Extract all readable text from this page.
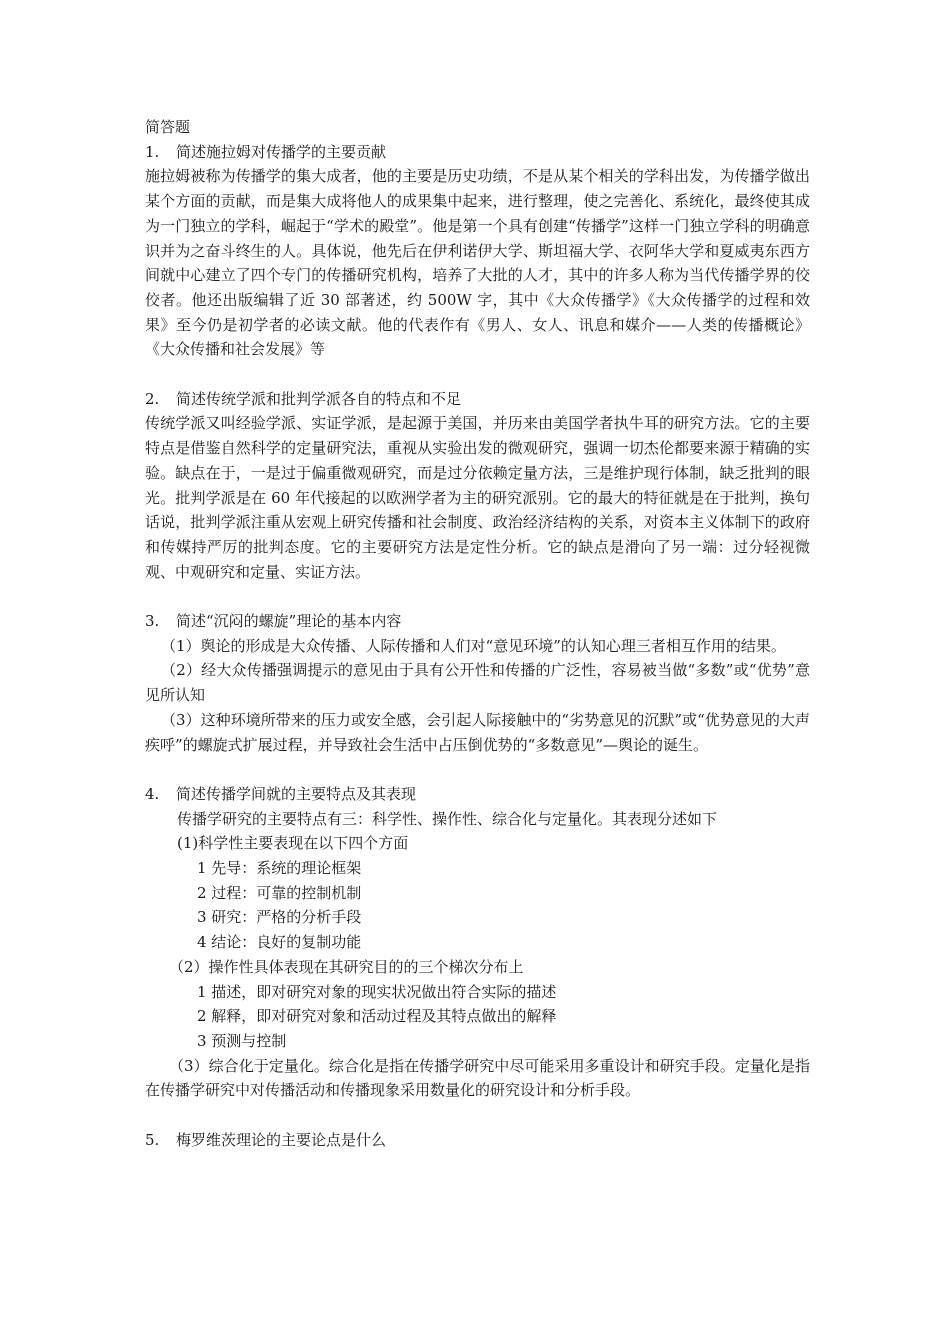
简答题
1. 简述施拉姆对传播学的主要贡献

施拉姆被称为传播学的集大成者，他的主要是历史功绩，不是从某个相关的学科出发，为传播学做出某个方面的贡献，而是集大成将他人的成果集中起来，进行整理，使之完善化、系统化，最终使其成为一门独立的学科，崛起于“学术的殿堂”。他是第一个具有创建“传播学”这样一门独立学科的明确意识并为之奋斗终生的人。具体说，他先后在伊利诺伊大学、斯坦福大学、衣阿华大学和夏威夷东西方间就中心建立了四个专门的传播研究机构，培养了大批的人才，其中的许多人称为当代传播学界的佼佼者。他还出版编辑了近 30 部著述，约 500W 字，其中《大众传播学》《大众传播学的过程和效果》至今仍是初学者的必读文献。他的代表作有《男人、女人、讯息和媒介——人类的传播概论》《大众传播和社会发展》等

2. 简述传统学派和批判学派各自的特点和不足

传统学派又叫经验学派、实证学派，是起源于美国，并历来由美国学者执牛耳的研究方法。它的主要特点是借鉴自然科学的定量研究法，重视从实验出发的微观研究，强调一切杰伦都要来源于精确的实验。缺点在于，一是过于偏重微观研究，而是过分依赖定量方法，三是维护现行体制，缺乏批判的眼光。批判学派是在 60 年代接起的以欧洲学者为主的研究派别。它的最大的特征就是在于批判，换句话说，批判学派注重从宏观上研究传播和社会制度、政治经济结构的关系，对资本主义体制下的政府和传媒持严厉的批判态度。它的主要研究方法是定性分析。它的缺点是滑向了另一端：过分轻视微观、中观研究和定量、实证方法。

3. 简述“沉闷的螺旋”理论的基本内容

（1）舆论的形成是大众传播、人际传播和人们对“意见环境”的认知心理三者相互作用的结果。

（2）经大众传播强调提示的意见由于具有公开性和传播的广泛性，容易被当做“多数”或“优势”意见所认知

（3）这种环境所带来的压力或安全感，会引起人际接触中的“劣势意见的沉默”或“优势意见的大声疾呼”的螺旋式扩展过程，并导致社会生活中占压倒优势的“多数意见”—舆论的诞生。

4. 简述传播学间就的主要特点及其表现
传播学研究的主要特点有三：科学性、操作性、综合化与定量化。其表现分述如下
(1)科学性主要表现在以下四个方面
1 先导：系统的理论框架
2 过程：可靠的控制机制
3 研究：严格的分析手段
4 结论：良好的复制功能
（2）操作性具体表现在其研究目的的三个梯次分布上
1 描述，即对研究对象的现实状况做出符合实际的描述
2 解释，即对研究对象和活动过程及其特点做出的解释
3 预测与控制

（3）综合化于定量化。综合化是指在传播学研究中尽可能采用多重设计和研究手段。定量化是指在传播学研究中对传播活动和传播现象采用数量化的研究设计和分析手段。

5. 梅罗维茨理论的主要论点是什么
